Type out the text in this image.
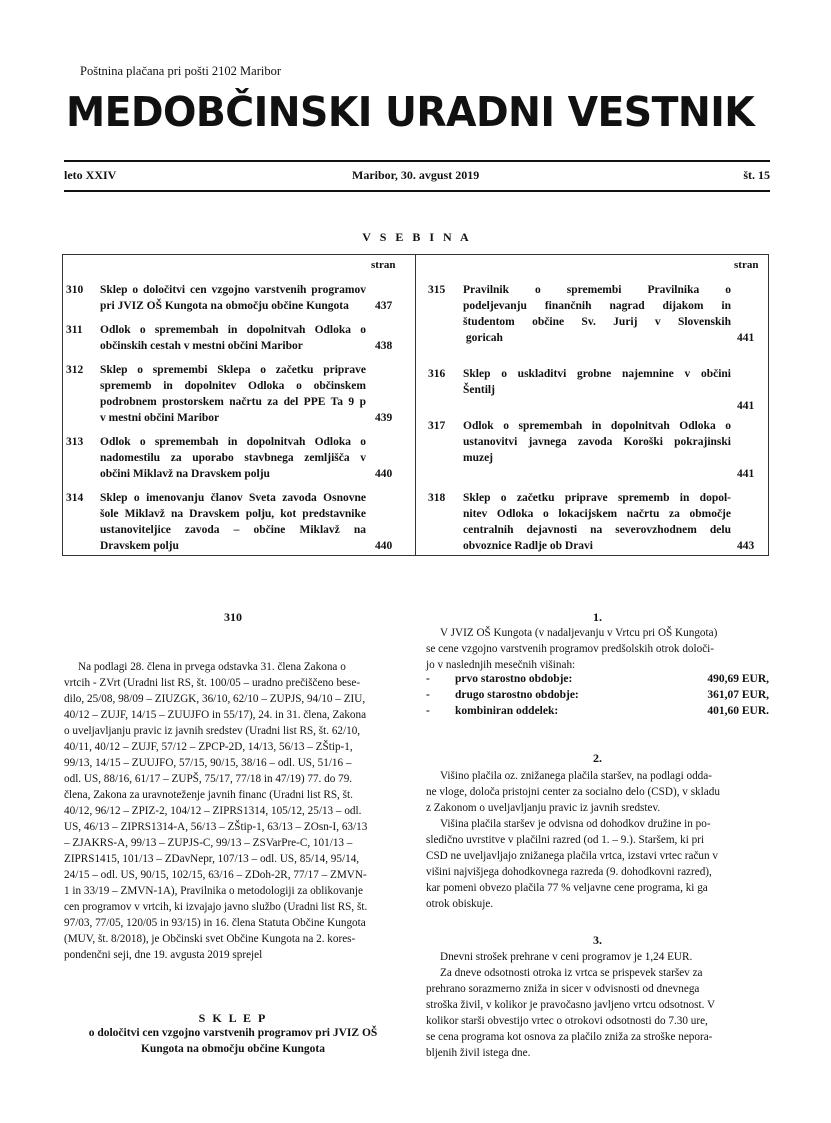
Poštnina plačana pri pošti 2102 Maribor
MEDOBČINSKI URADNI VESTNIK
leto XXIV	Maribor, 30. avgust 2019	št. 15
V S E B I N A
stran	stran
310 Sklep o določitvi cen vzgojno varstvenih programov
pri JVIZ OŠ Kungota na območju občine Kungota	437
311 Odlok o spremembah in dopolnitvah Odloka o
občinskih cestah v mestni občini Maribor	438
312 Sklep o spremembi Sklepa o začetku priprave
sprememb in dopolnitev Odloka o občinskem
podrobnem prostorskem načrtu za del PPE Ta 9 p
v mestni občini Maribor	439
313 Odlok o spremembah in dopolnitvah Odloka o
nadomestilu za uporabo stavbnega zemljišča v
občini Miklavž na Dravskem polju	440
314 Sklep o imenovanju članov Sveta zavoda Osnovne
šole Miklavž na Dravskem polju, kot predstavnike
ustanoviteljice zavoda – občine Miklavž na
Dravskem polju	440
315 Pravilnik o spremembi Pravilnika o
podeljevanju finančnih nagrad dijakom in
študentom občine Sv. Jurij v Slovenskih
goricah	441
316 Sklep o uskladitvi grobne najemnine v občini
Šentilj
441
317 Odlok o spremembah in dopolnitvah Odloka o
ustanovitvi javnega zavoda Koroški pokrajinski
muzej
441
318 Sklep o začetku priprave sprememb in dopol-
nitev Odloka o lokacijskem načrtu za območje
centralnih dejavnosti na severovzhodnem delu
obvoznice Radlje ob Dravi	443
310
Na podlagi 28. člena in prvega odstavka 31. člena Zakona o
vrtcih - ZVrt (Uradni list RS, št. 100/05 – uradno prečiščeno bese-
dilo, 25/08, 98/09 – ZIUZGK, 36/10, 62/10 – ZUPJS, 94/10 – ZIU,
40/12 – ZUJF, 14/15 – ZUUJFO in 55/17), 24. in 31. člena, Zakona
o uveljavljanju pravic iz javnih sredstev (Uradni list RS, št. 62/10,
40/11, 40/12 – ZUJF, 57/12 – ZPCP-2D, 14/13, 56/13 – ZŠtip-1,
99/13, 14/15 – ZUUJFO, 57/15, 90/15, 38/16 – odl. US, 51/16 –
odl. US, 88/16, 61/17 – ZUPŠ, 75/17, 77/18 in 47/19) 77. do 79.
člena, Zakona za uravnoteženje javnih financ (Uradni list RS, št.
40/12, 96/12 – ZPIZ-2, 104/12 – ZIPRS1314, 105/12, 25/13 – odl.
US, 46/13 – ZIPRS1314-A, 56/13 – ZŠtip-1, 63/13 – ZOsn-I, 63/13
– ZJAKRS-A, 99/13 – ZUPJS-C, 99/13 – ZSVarPre-C, 101/13 –
ZIPRS1415, 101/13 – ZDavNepr, 107/13 – odl. US, 85/14, 95/14,
24/15 – odl. US, 90/15, 102/15, 63/16 – ZDoh-2R, 77/17 – ZMVN-
1 in 33/19 – ZMVN-1A), Pravilnika o metodologiji za oblikovanje
cen programov v vrtcih, ki izvajajo javno službo (Uradni list RS, št.
97/03, 77/05, 120/05 in 93/15) in 16. člena Statuta Občine Kungota
(MUV, št. 8/2018), je Občinski svet Občine Kungota na 2. kores-
pondenčni seji, dne 19. avgusta 2019 sprejel
S K L E P
o določitvi cen vzgojno varstvenih programov pri JVIZ OŠ
Kungota na območju občine Kungota
1.
V JVIZ OŠ Kungota (v nadaljevanju v Vrtcu pri OŠ Kungota)
se cene vzgojno varstvenih programov predšolskih otrok določi-
jo v naslednjih mesečnih višinah:
- prvo starostno obdobje:	490,69 EUR,
- drugo starostno obdobje:	361,07 EUR,
- kombiniran oddelek:	401,60 EUR.
2.
Višino plačila oz. znižanega plačila staršev, na podlagi odda-
ne vloge, določa pristojni center za socialno delo (CSD), v skladu
z Zakonom o uveljavljanju pravic iz javnih sredstev.
Višina plačila staršev je odvisna od dohodkov družine in po-
sledično uvrstitve v plačilni razred (od 1. – 9.). Staršem, ki pri
CSD ne uveljavljajo znižanega plačila vrtca, izstavi vrtec račun v
višini najvišjega dohodkovnega razreda (9. dohodkovni razred),
kar pomeni obvezo plačila 77 % veljavne cene programa, ki ga
otrok obiskuje.
3.
Dnevni strošek prehrane v ceni programov je 1,24 EUR.
Za dneve odsotnosti otroka iz vrtca se prispevek staršev za
prehrano sorazmerno zniža in sicer v odvisnosti od dnevnega
stroška živil, v kolikor je pravočasno javljeno vrtcu odsotnost. V
kolikor starši obvestijo vrtec o otrokovi odsotnosti do 7.30 ure,
se cena programa kot osnova za plačilo zniža za stroške nepora-
bljenih živil istega dne.
